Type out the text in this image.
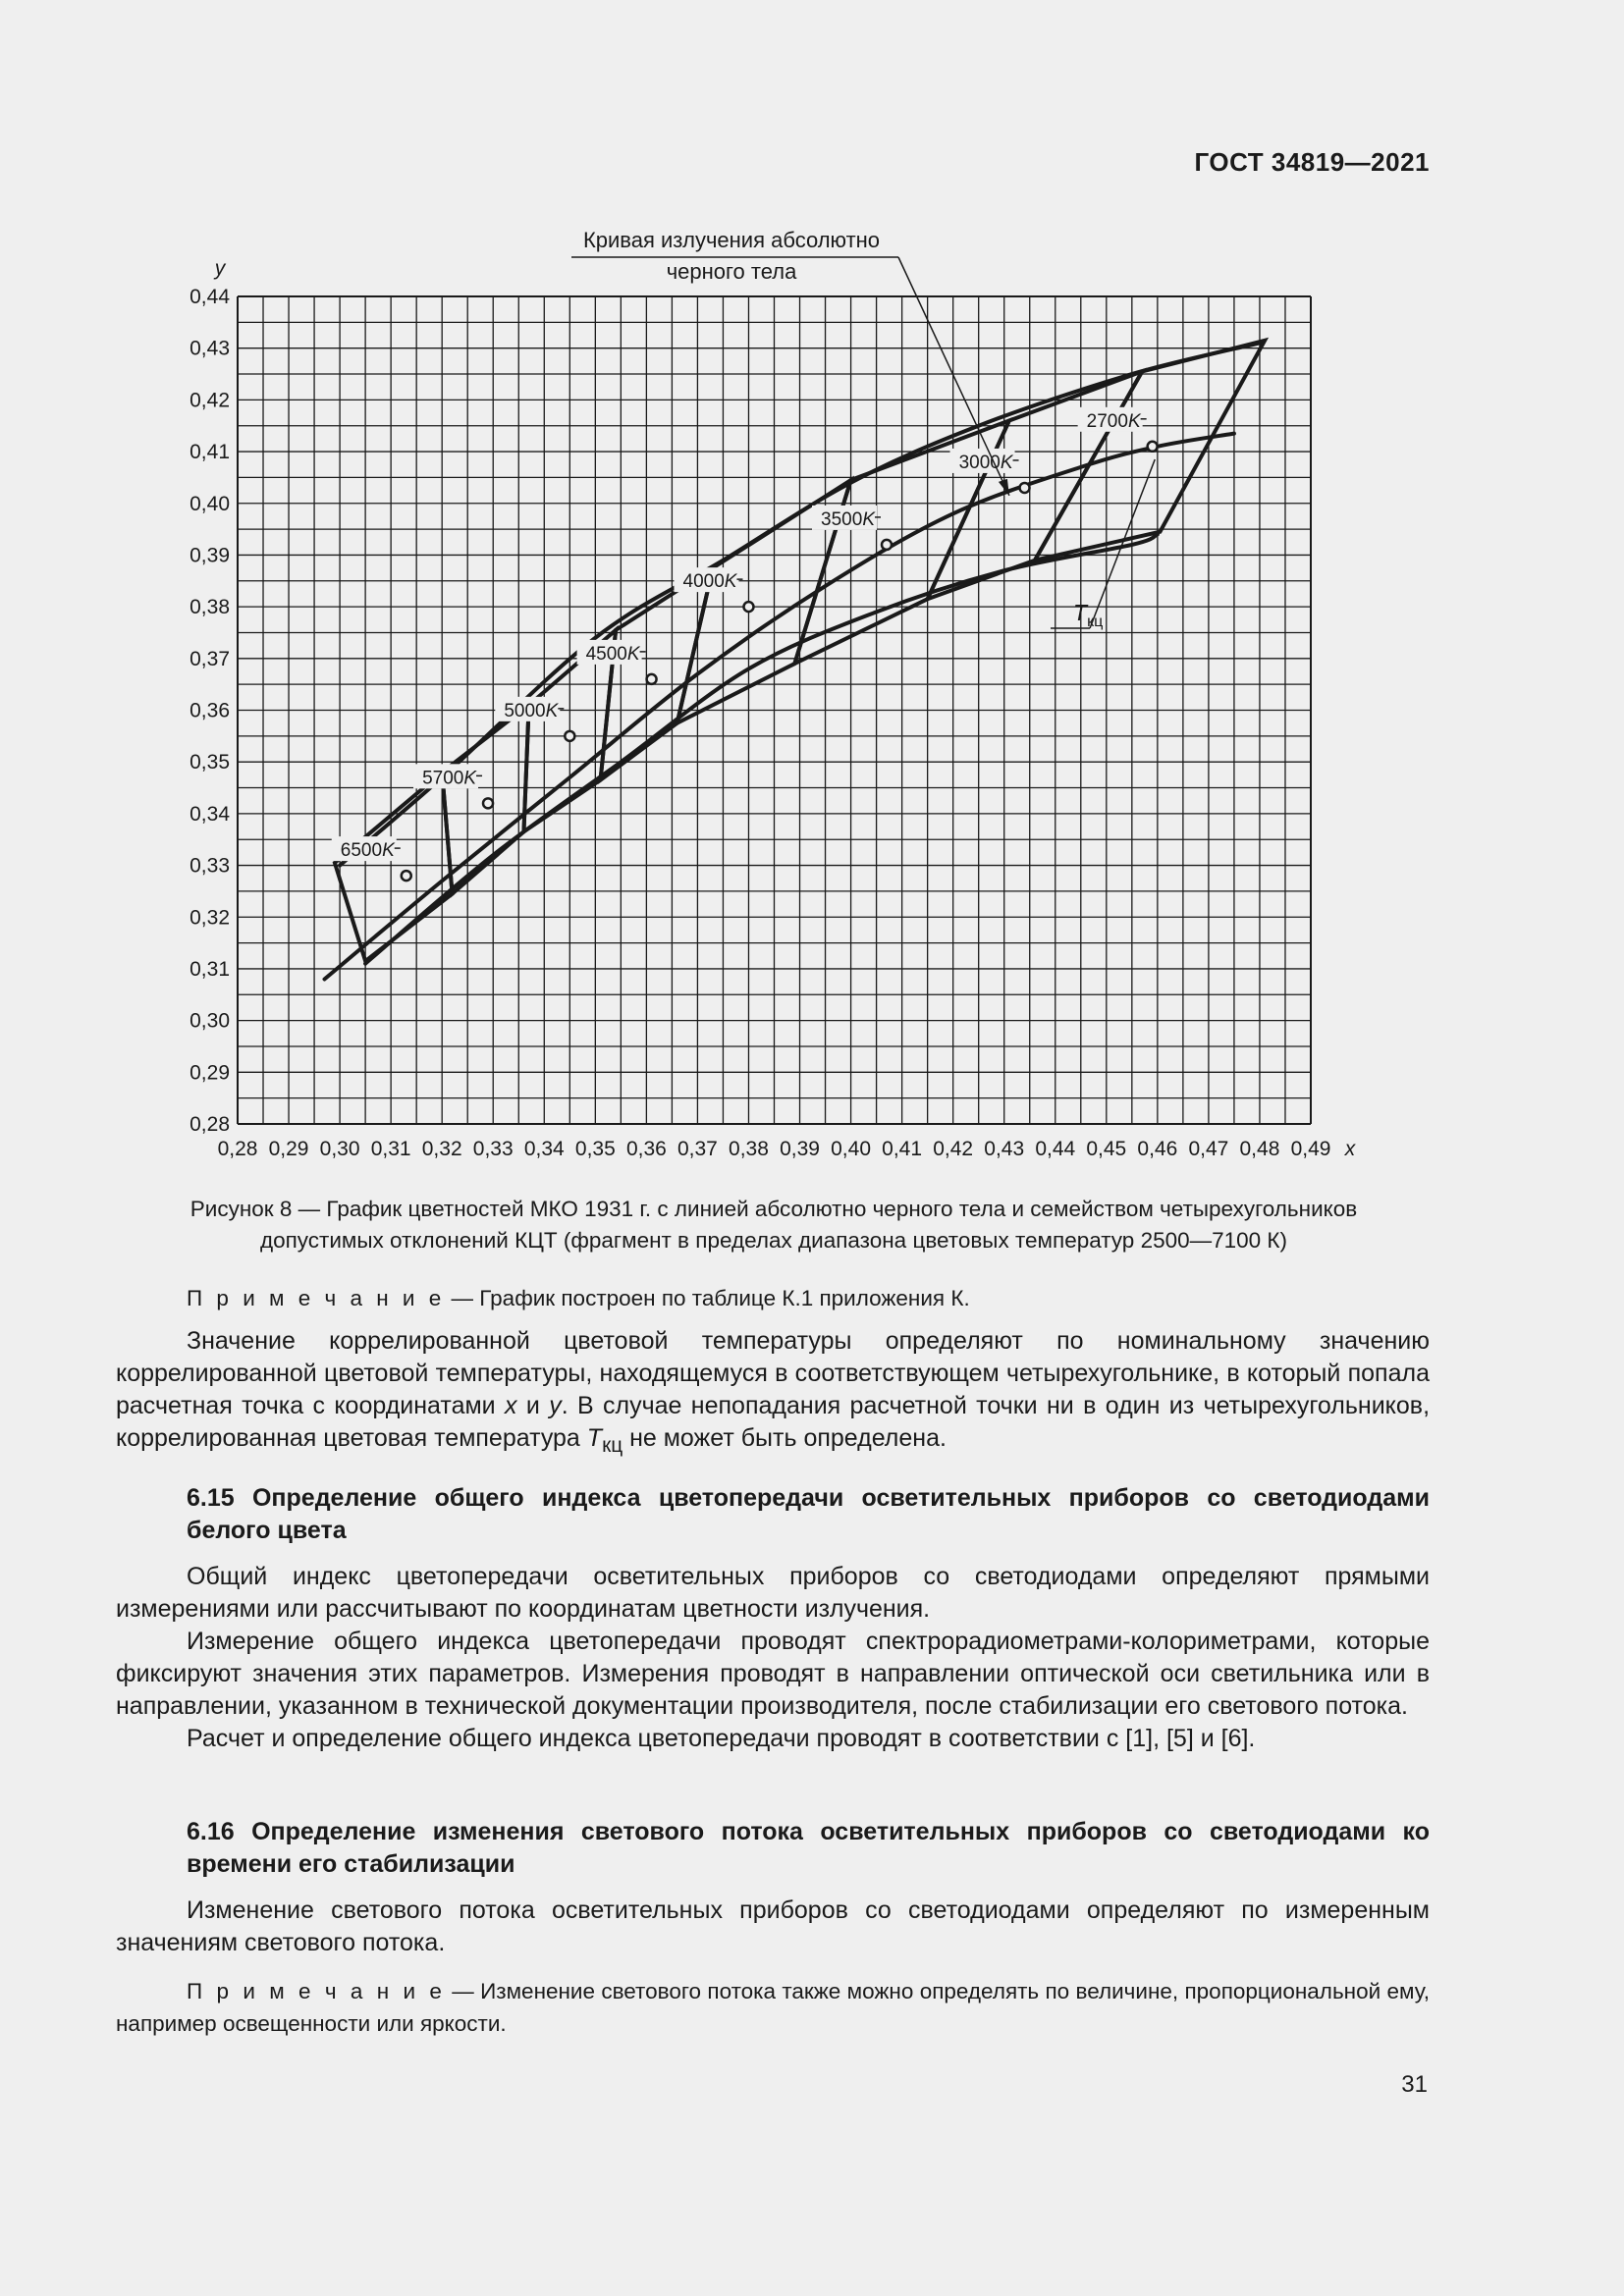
ГОСТ 34819—2021
0,28 0,29 0,30 0,31 0,32 0,33 0,34 0,35 0,36 0,37 0,38 0,39 0,40 0,41 0,42 0,43 0,44 0,45 0,46 0,47 0,48 0,49
0,28
0,29
0,30
0,31
0,32
0,33
0,34
0,35
0,36
0,37
0,38
0,39
0,40
0,41
0,42
0,43
0,44
x
y
6500K
5700K
5000K
4500K
4000K
3500K
3000K
2700K
Кривая излучения абсолютно
черного тела
$T_{кц}$
Рисунок 8 — График цветностей МКО 1931 г. с линией абсолютно черного тела и семейством четырехугольников
допустимых отклонений КЦТ (фрагмент в пределах диапазона цветовых температур 2500—7100 К)

П р и м е ч а н и е — График построен по таблице К.1 приложения К.

Значение коррелированной цветовой температуры определяют по номинальному значению коррелированной цветовой температуры, находящемуся в соответствующем четырехугольнике, в который попала расчетная точка с координатами x и y. В случае непопадания расчетной точки ни в один из четырехугольников, коррелированная цветовая температура $T_{кц}$ не может быть определена.

6.15 Определение общего индекса цветопередачи осветительных приборов со светодиодами белого цвета

Общий индекс цветопередачи осветительных приборов со светодиодами определяют прямыми измерениями или рассчитывают по координатам цветности излучения.

Измерение общего индекса цветопередачи проводят спектрорадиометрами-колориметрами, которые фиксируют значения этих параметров. Измерения проводят в направлении оптической оси светильника или в направлении, указанном в технической документации производителя, после стабилизации его светового потока.

Расчет и определение общего индекса цветопередачи проводят в соответствии с [1], [5] и [6].

6.16 Определение изменения светового потока осветительных приборов со светодиодами ко времени его стабилизации

Изменение светового потока осветительных приборов со светодиодами определяют по измеренным значениям светового потока.

П р и м е ч а н и е — Изменение светового потока также можно определять по величине, пропорциональной ему, например освещенности или яркости.

31
